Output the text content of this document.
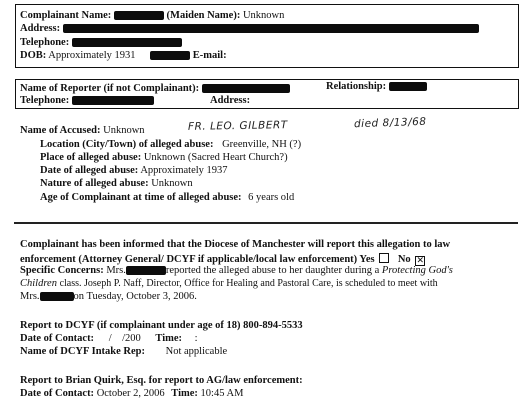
Complainant Name:	(Maiden Name): Unknown
Address:
Telephone:
DOB: Approximately 1931	E-mail:
Name of Reporter (if not Complainant):	Relationship:
Telephone:	Address:
Name of Accused: Unknown	FR. LEO. GILBERT	died 8/13/68
Location (City/Town) of alleged abuse: Greenville, NH (?)
Place of alleged abuse: Unknown (Sacred Heart Church?)
Date of alleged abuse: Approximately 1937
Nature of alleged abuse: Unknown
Age of Complainant at time of alleged abuse: 6 years old
Complainant has been informed that the Diocese of Manchester will report this allegation to law
enforcement (Attorney General/ DCYF if applicable/local law enforcement) Yes No ✕
Specific Concerns: Mrs.	reported the alleged abuse to her daughter during a Protecting God's
Children class. Joseph P. Naff, Director, Office for Healing and Pastoral Care, is scheduled to meet with
Mrs.	on Tuesday, October 3, 2006.
Report to DCYF (if complainant under age of 18) 800-894-5533
Date of Contact: /    /200 Time: :
Name of DCYF Intake Rep: Not applicable
Report to Brian Quirk, Esq. for report to AG/law enforcement:
Date of Contact: October 2, 2006 Time: 10:45 AM
